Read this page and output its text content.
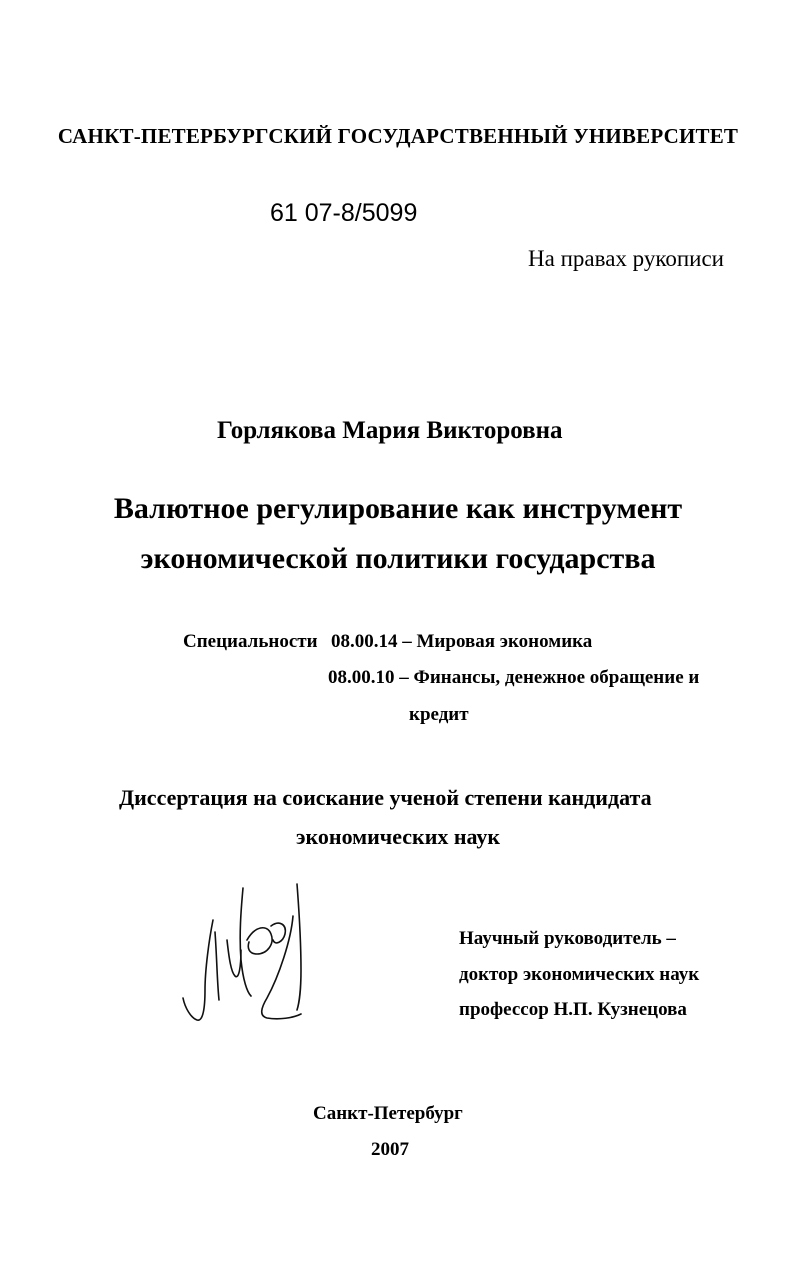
САНКТ-ПЕТЕРБУРГСКИЙ ГОСУДАРСТВЕННЫЙ УНИВЕРСИТЕТ
61 07-8/5099
На правах рукописи
Горлякова Мария Викторовна
Валютное регулирование как инструмент
экономической политики государства
Специальности 08.00.14 – Мировая экономика
08.00.10 – Финансы, денежное обращение и
кредит
Диссертация на соискание ученой степени кандидата
экономических наук
Научный руководитель –
доктор экономических наук
профессор Н.П. Кузнецова
Санкт-Петербург
2007
